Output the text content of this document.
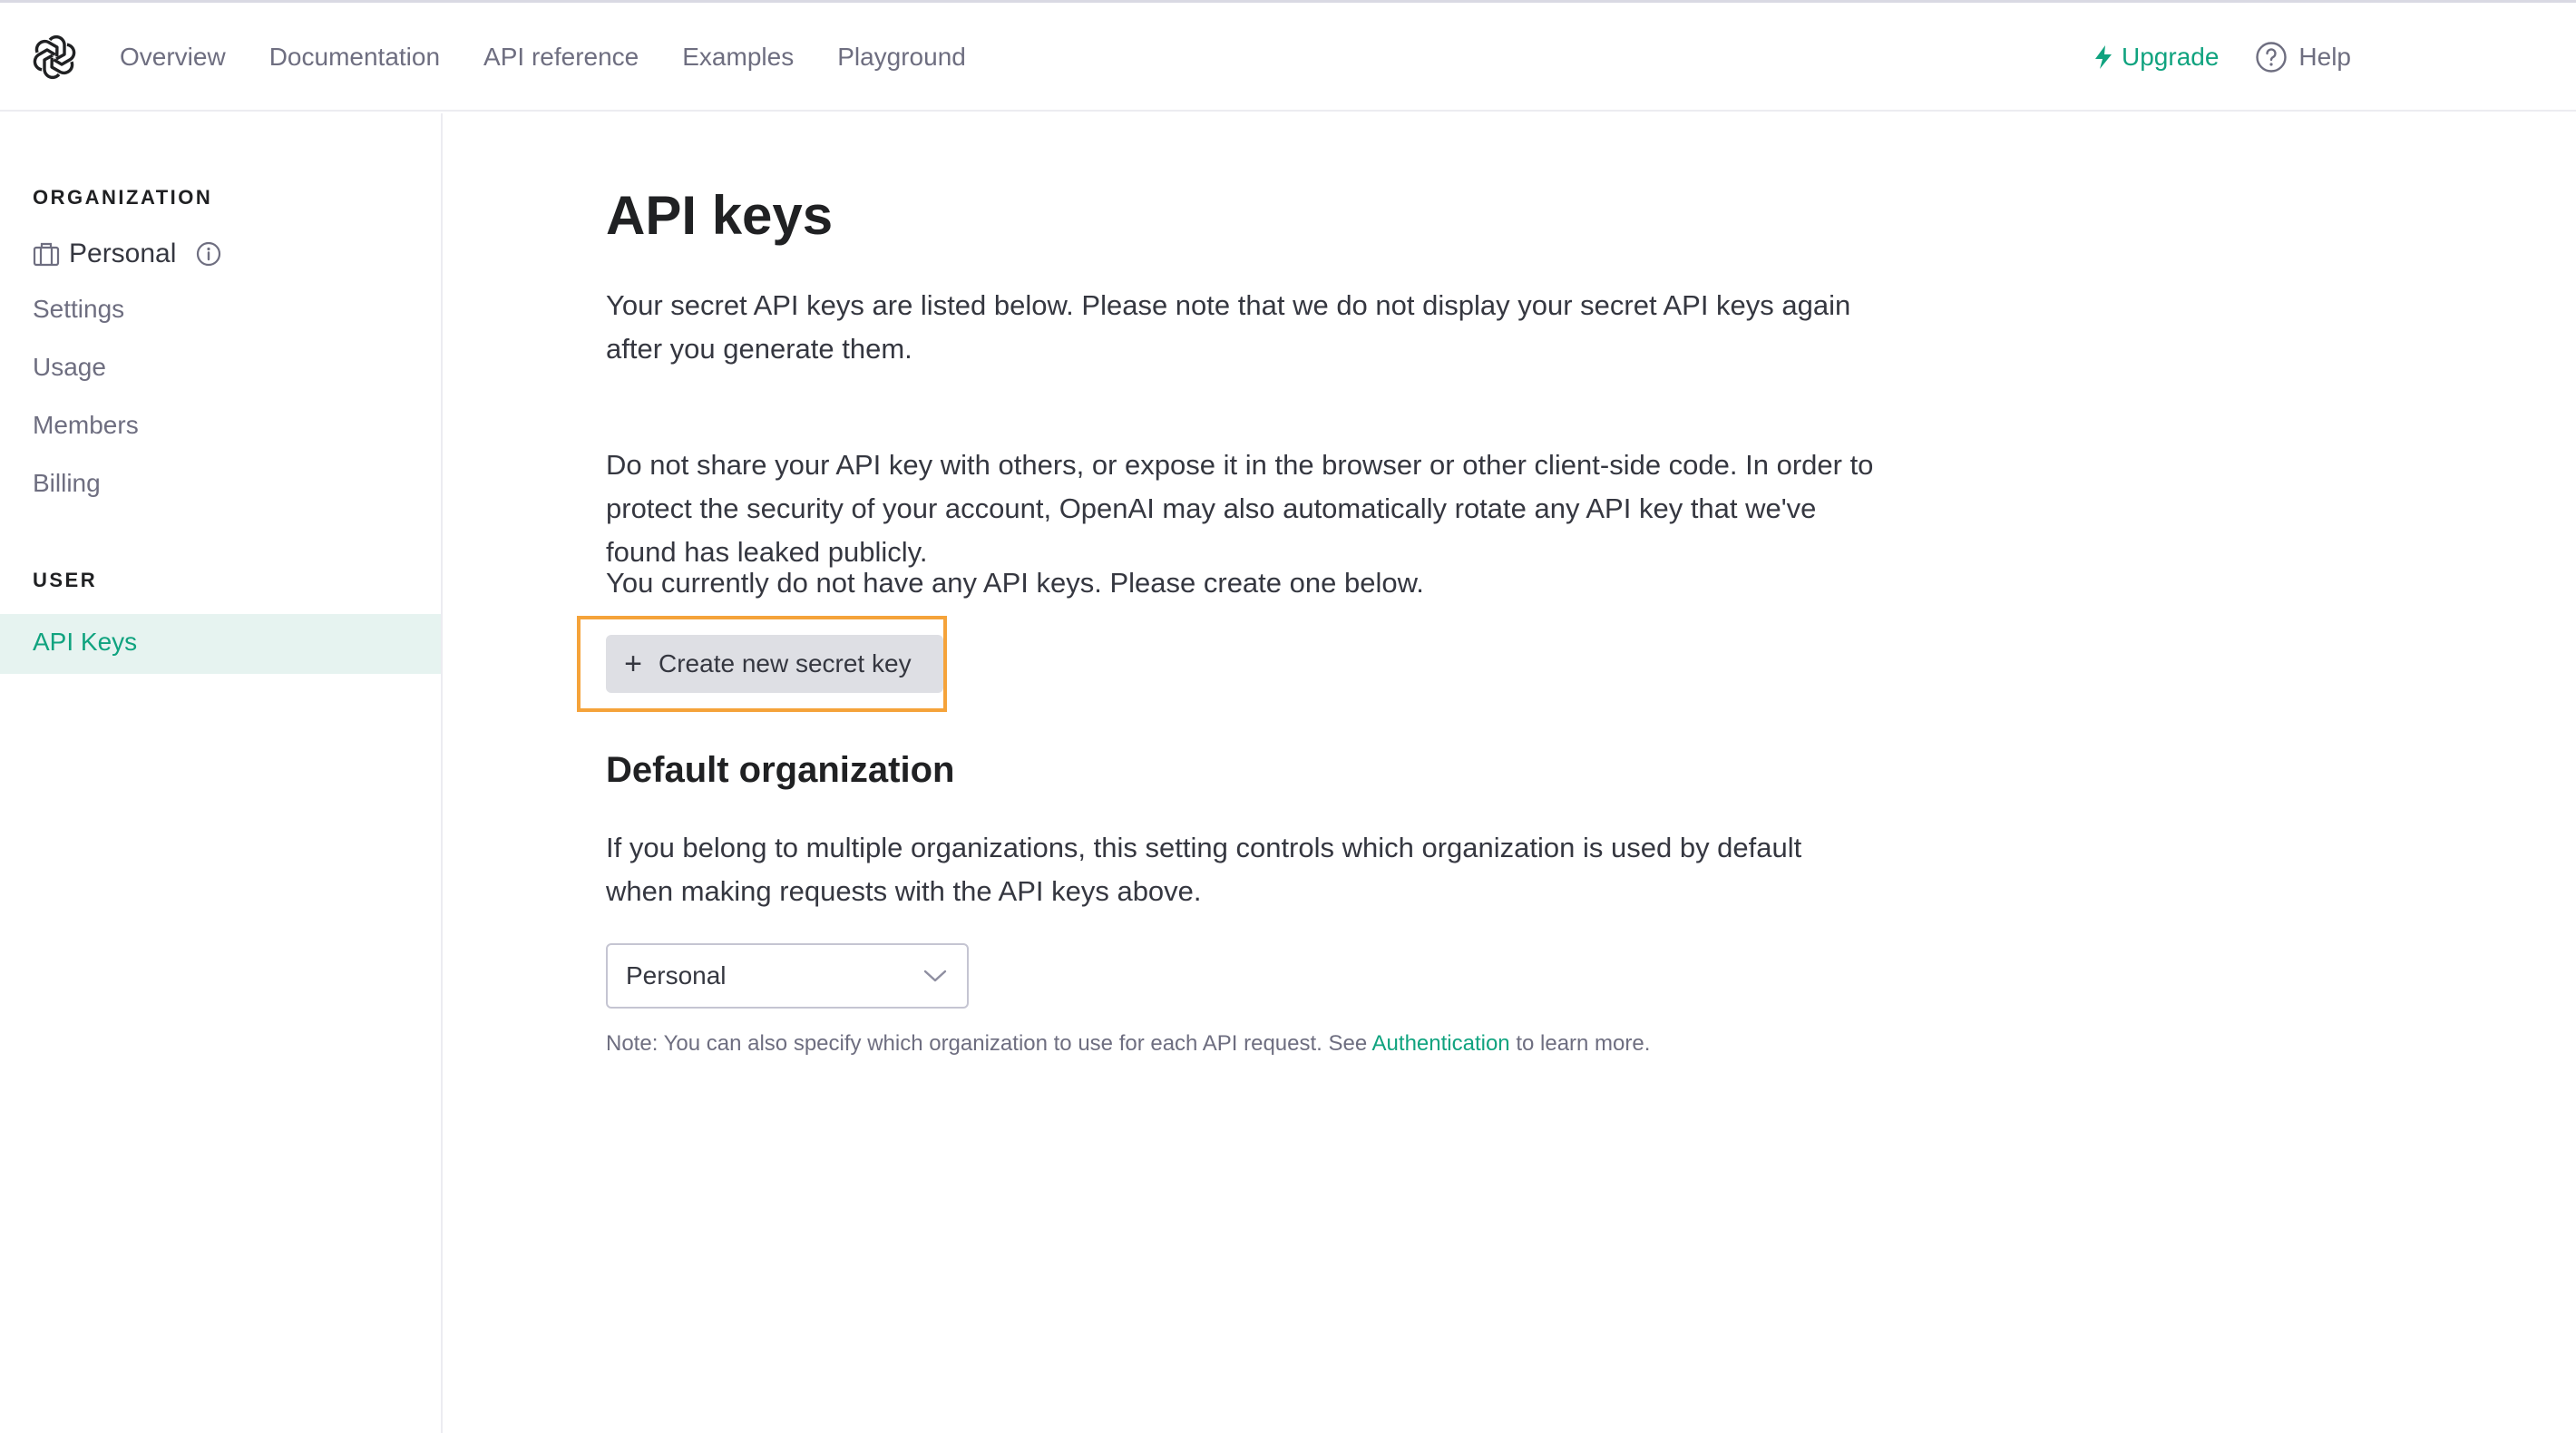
Overview Documentation API reference Examples Playground	Upgrade	Help
ORGANIZATION
Personal
Settings
Usage
Members
Billing
USER
API Keys
API keys
Your secret API keys are listed below. Please note that we do not display your secret API keys again
after you generate them.
Do not share your API key with others, or expose it in the browser or other client-side code. In order to
protect the security of your account, OpenAI may also automatically rotate any API key that we've
found has leaked publicly.
You currently do not have any API keys. Please create one below.
+ Create new secret key
Default organization
If you belong to multiple organizations, this setting controls which organization is used by default
when making requests with the API keys above.
Personal

Note: You can also specify which organization to use for each API request. See Authentication to learn more.
